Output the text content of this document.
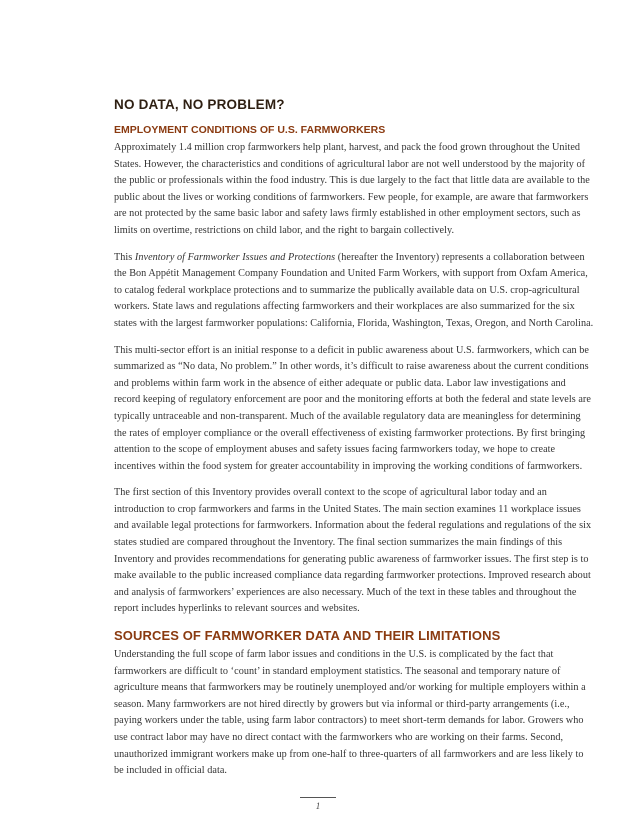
NO DATA, NO PROBLEM?
EMPLOYMENT CONDITIONS OF U.S. FARMWORKERS

Approximately 1.4 million crop farmworkers help plant, harvest, and pack the food grown throughout the United States. However, the characteristics and conditions of agricultural labor are not well understood by the majority of the public or professionals within the food industry. This is due largely to the fact that little data are available to the public about the lives or working conditions of farmworkers. Few people, for example, are aware that farmworkers are not protected by the same basic labor and safety laws firmly established in other employment sectors, such as limits on overtime, restrictions on child labor, and the right to bargain collectively.

This Inventory of Farmworker Issues and Protections (hereafter the Inventory) represents a collaboration between the Bon Appétit Management Company Foundation and United Farm Workers, with support from Oxfam America, to catalog federal workplace protections and to summarize the publically available data on U.S. crop-agricultural workers. State laws and regulations affecting farmworkers and their workplaces are also summarized for the six states with the largest farmworker populations: California, Florida, Washington, Texas, Oregon, and North Carolina.

This multi-sector effort is an initial response to a deficit in public awareness about U.S. farmworkers, which can be summarized as “No data, No problem.” In other words, it’s difficult to raise awareness about the current conditions and problems within farm work in the absence of either adequate or public data. Labor law investigations and record keeping of regulatory enforcement are poor and the monitoring efforts at both the federal and state levels are typically untraceable and non-transparent. Much of the available regulatory data are meaningless for determining the rates of employer compliance or the overall effectiveness of existing farmworker protections. By first bringing attention to the scope of employment abuses and safety issues facing farmworkers today, we hope to create incentives within the food system for greater accountability in improving the working conditions of farmworkers.

The first section of this Inventory provides overall context to the scope of agricultural labor today and an introduction to crop farmworkers and farms in the United States. The main section examines 11 workplace issues and available legal protections for farmworkers. Information about the federal regulations and regulations of the six states studied are compared throughout the Inventory. The final section summarizes the main findings of this Inventory and provides recommendations for generating public awareness of farmworker issues. The first step is to make available to the public increased compliance data regarding farmworker protections. Improved research about and analysis of farmworkers’ experiences are also necessary. Much of the text in these tables and throughout the report includes hyperlinks to relevant sources and websites.

SOURCES OF FARMWORKER DATA AND THEIR LIMITATIONS

Understanding the full scope of farm labor issues and conditions in the U.S. is complicated by the fact that farmworkers are difficult to ‘count’ in standard employment statistics. The seasonal and temporary nature of agriculture means that farmworkers may be routinely unemployed and/or working for multiple employers within a season. Many farmworkers are not hired directly by growers but via informal or third-party arrangements (i.e., paying workers under the table, using farm labor contractors) to meet short-term demands for labor. Growers who use contract labor may have no direct contact with the farmworkers who are working on their farms. Second, unauthorized immigrant workers make up from one-half to three-quarters of all farmworkers and are less likely to be included in official data.

1
